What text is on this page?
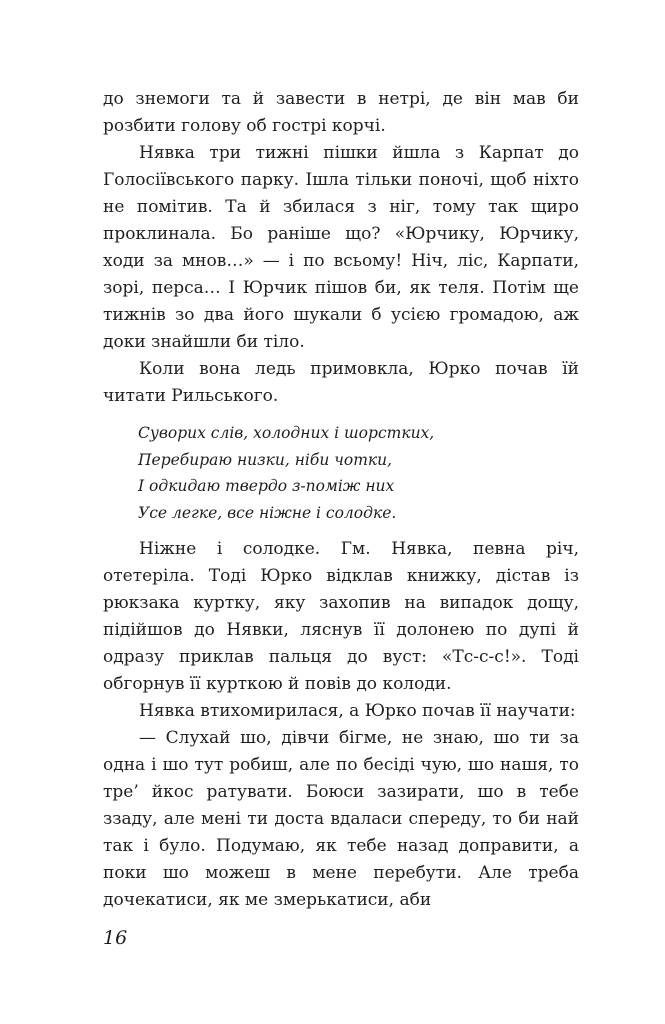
до знемоги та й завести в нетрі, де він мав би розбити голову об гострі корчі.

Нявка три тижні пішки йшла з Карпат до Голосіївського парку. Ішла тільки поночі, щоб ніхто не помітив. Та й збилася з ніг, тому так щиро проклинала. Бо раніше що? «Юрчику, Юрчику, ходи за мнов…» — і по всьому! Ніч, ліс, Карпати, зорі, перса… І Юрчик пішов би, як теля. Потім ще тижнів зо два його шукали б усією громадою, аж доки знайшли би тіло.

Коли вона ледь примовкла, Юрко почав їй читати Рильського.

Суворих слів, холодних і шорстких,
Перебираю низки, ніби чотки,
І одкидаю твердо з-поміж них
Усе легке, все ніжне і солодке.

Ніжне і солодке. Гм. Нявка, певна річ, отетеріла. Тоді Юрко відклав книжку, дістав із рюкзака куртку, яку захопив на випадок дощу, підійшов до Нявки, ляснув її долонею по дупі й одразу приклав пальця до вуст: «Тс-с-с!». Тоді обгорнув її курткою й повів до колоди.

Нявка втихомирилася, а Юрко почав її научати:

— Слухай шо, дівчи бігме, не знаю, шо ти за одна і шо тут робиш, але по бесіді чую, шо нашя, то тре’ йкос ратувати. Боюси зазирати, шо в тебе ззаду, але мені ти доста вдаласи спереду, то би най так і було. Подумаю, як тебе назад доправити, а поки шо можеш в мене перебути. Але треба дочекатиси, як ме змерькатиси, аби

16
